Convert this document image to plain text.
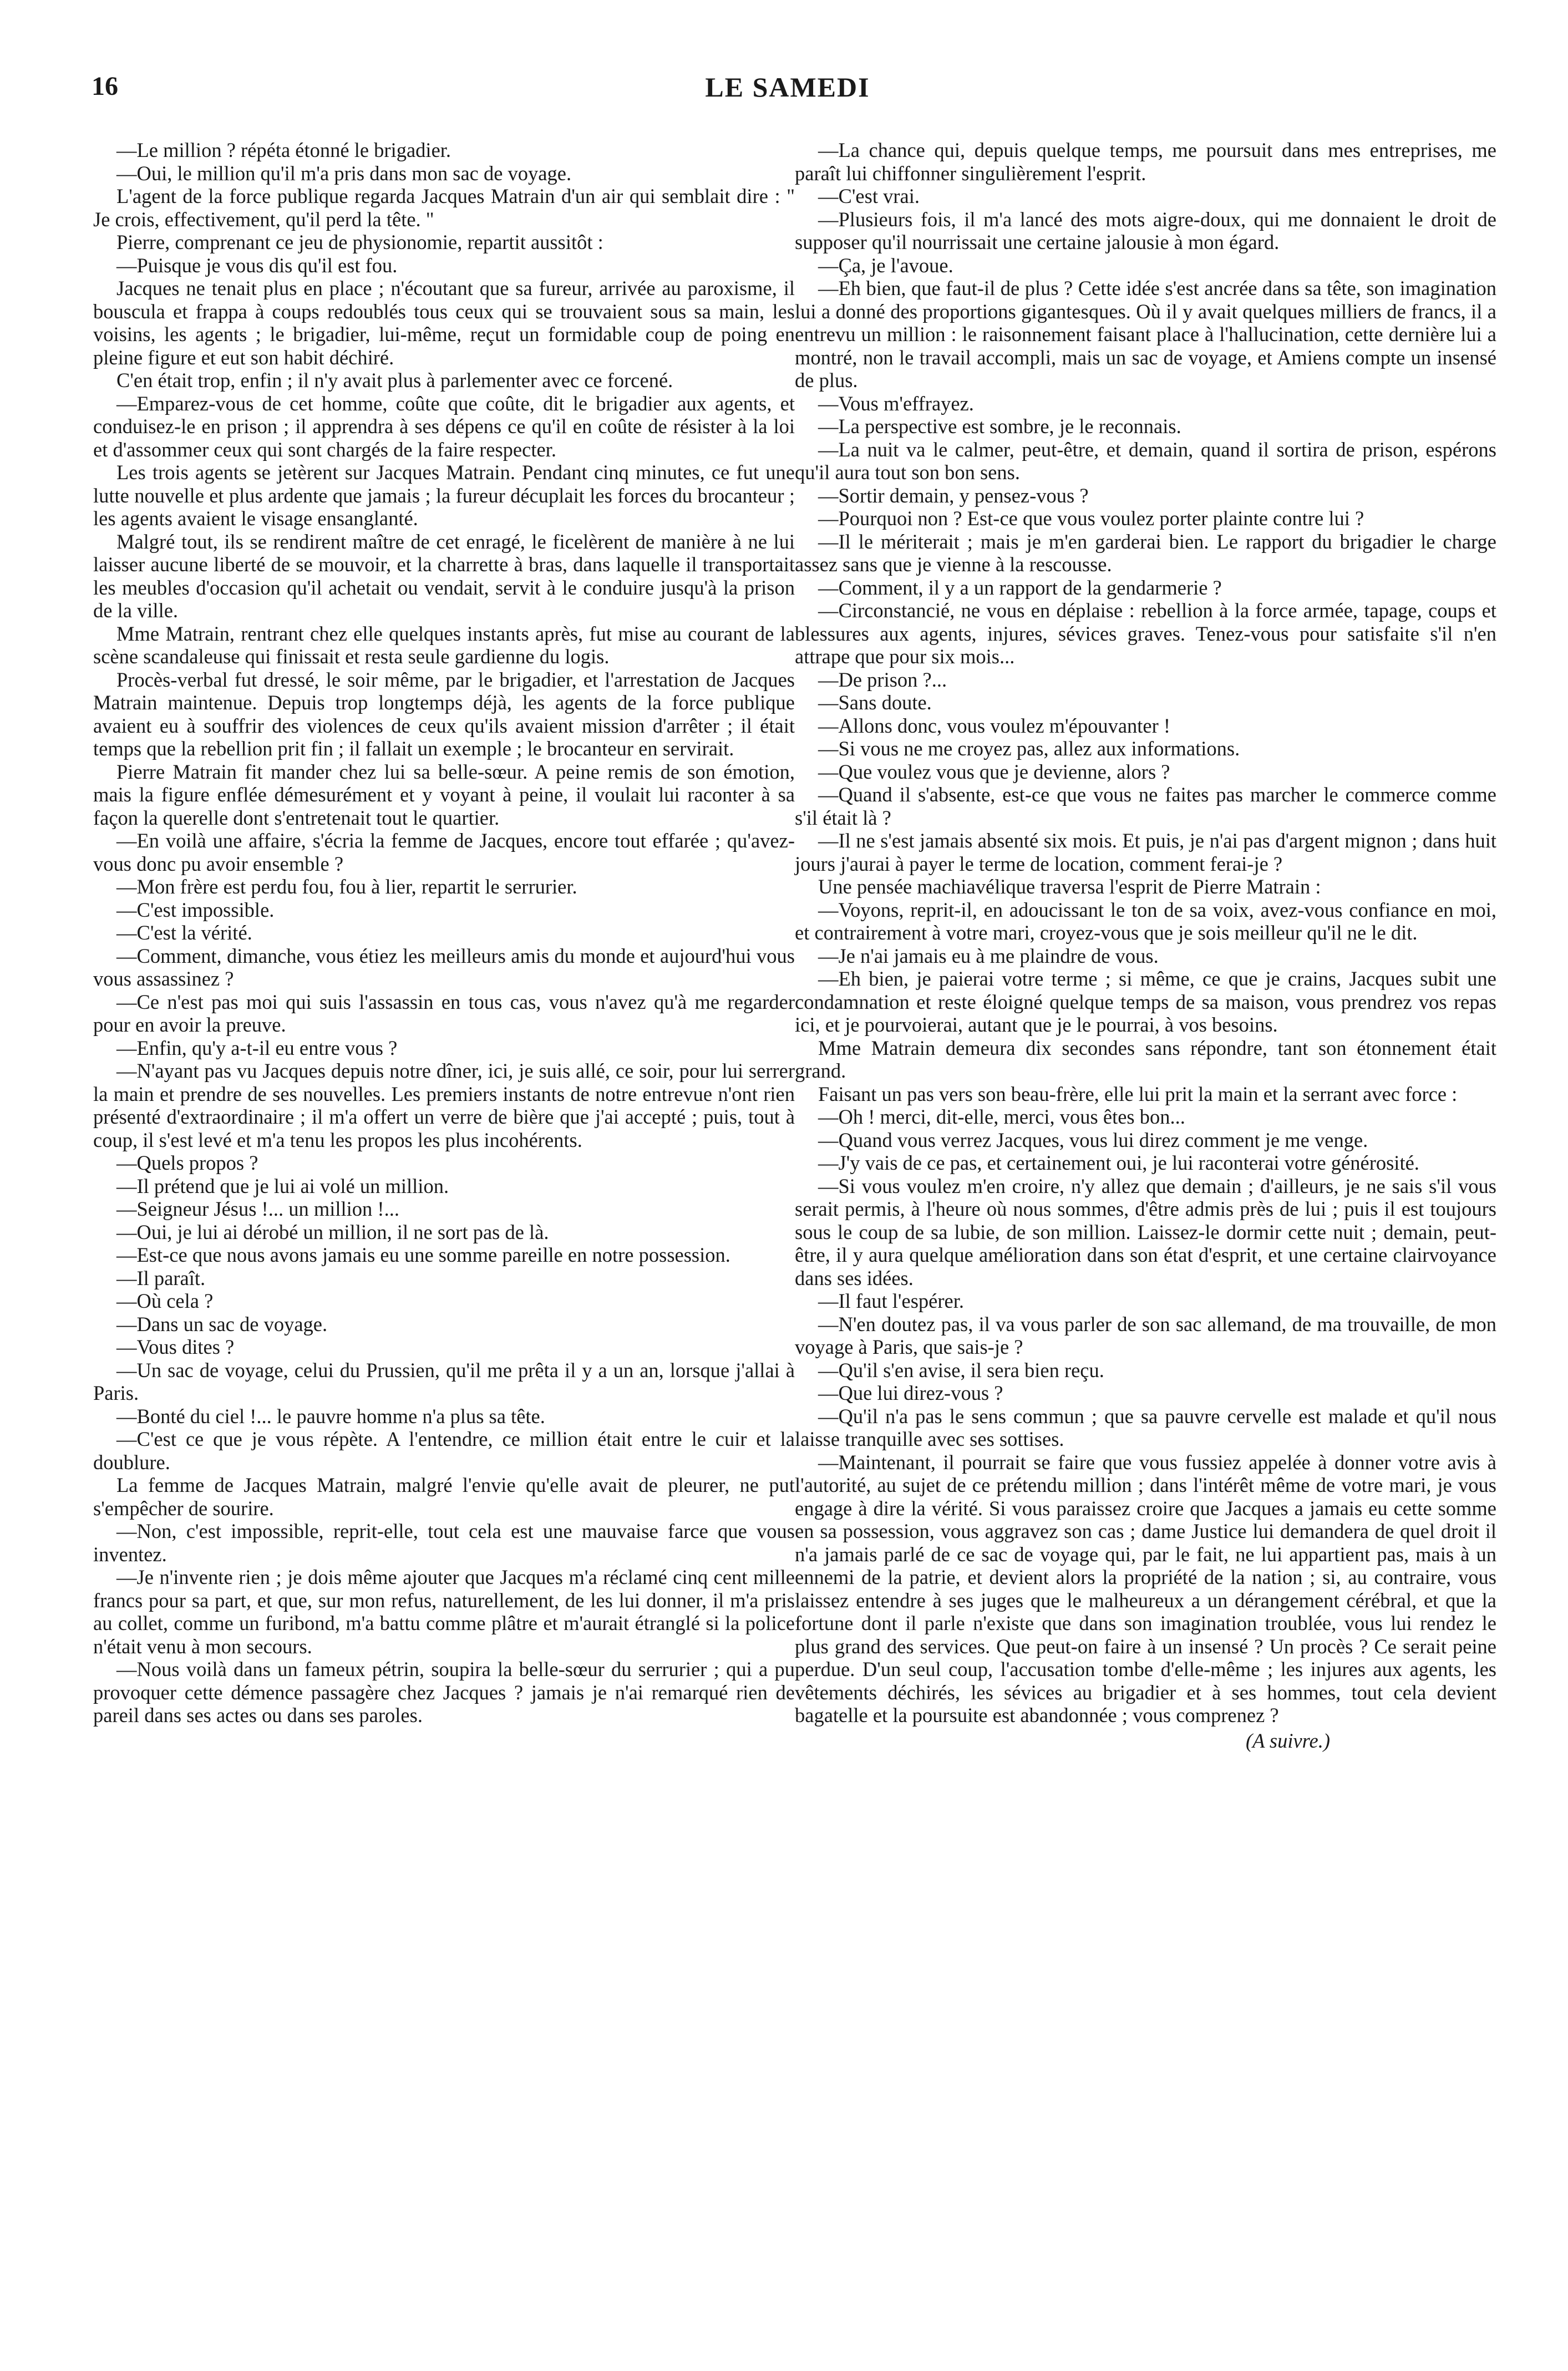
16	LE SAMEDI

—Le million ? répéta étonné le brigadier.

—Oui, le million qu'il m'a pris dans mon sac de voyage.

L'agent de la force publique regarda Jacques Matrain d'un air qui semblait dire : " Je crois, effectivement, qu'il perd la tête. "

Pierre, comprenant ce jeu de physionomie, repartit aussitôt :

—Puisque je vous dis qu'il est fou.

Jacques ne tenait plus en place ; n'écoutant que sa fureur, arrivée au paroxisme, il bouscula et frappa à coups redoublés tous ceux qui se trouvaient sous sa main, les voisins, les agents ; le brigadier, lui-même, reçut un formidable coup de poing en pleine figure et eut son habit déchiré.

C'en était trop, enfin ; il n'y avait plus à parlementer avec ce forcené.

—Emparez-vous de cet homme, coûte que coûte, dit le brigadier aux agents, et conduisez-le en prison ; il apprendra à ses dépens ce qu'il en coûte de résister à la loi et d'assommer ceux qui sont chargés de la faire respecter.

Les trois agents se jetèrent sur Jacques Matrain. Pendant cinq minutes, ce fut une lutte nouvelle et plus ardente que jamais ; la fureur décuplait les forces du brocanteur ; les agents avaient le visage ensanglanté.

Malgré tout, ils se rendirent maître de cet enragé, le ficelèrent de manière à ne lui laisser aucune liberté de se mouvoir, et la charrette à bras, dans laquelle il transportait les meubles d'occasion qu'il achetait ou vendait, servit à le conduire jusqu'à la prison de la ville.

Mme Matrain, rentrant chez elle quelques instants après, fut mise au courant de la scène scandaleuse qui finissait et resta seule gardienne du logis.

Procès-verbal fut dressé, le soir même, par le brigadier, et l'arrestation de Jacques Matrain maintenue. Depuis trop longtemps déjà, les agents de la force publique avaient eu à souffrir des violences de ceux qu'ils avaient mission d'arrêter ; il était temps que la rebellion prit fin ; il fallait un exemple ; le brocanteur en servirait.

Pierre Matrain fit mander chez lui sa belle-sœur. A peine remis de son émotion, mais la figure enflée démesurément et y voyant à peine, il voulait lui raconter à sa façon la querelle dont s'entretenait tout le quartier.

—En voilà une affaire, s'écria la femme de Jacques, encore tout effarée ; qu'avez-vous donc pu avoir ensemble ?

—Mon frère est perdu fou, fou à lier, repartit le serrurier.

—C'est impossible.

—C'est la vérité.

—Comment, dimanche, vous étiez les meilleurs amis du monde et aujourd'hui vous vous assassinez ?

—Ce n'est pas moi qui suis l'assassin en tous cas, vous n'avez qu'à me regarder pour en avoir la preuve.

—Enfin, qu'y a-t-il eu entre vous ?

—N'ayant pas vu Jacques depuis notre dîner, ici, je suis allé, ce soir, pour lui serrer la main et prendre de ses nouvelles. Les premiers instants de notre entrevue n'ont rien présenté d'extraordinaire ; il m'a offert un verre de bière que j'ai accepté ; puis, tout à coup, il s'est levé et m'a tenu les propos les plus incohérents.

—Quels propos ?

—Il prétend que je lui ai volé un million.

—Seigneur Jésus !... un million !...

—Oui, je lui ai dérobé un million, il ne sort pas de là.

—Est-ce que nous avons jamais eu une somme pareille en notre possession.

—Il paraît.

—Où cela ?

—Dans un sac de voyage.

—Vous dites ?

—Un sac de voyage, celui du Prussien, qu'il me prêta il y a un an, lorsque j'allai à Paris.

—Bonté du ciel !... le pauvre homme n'a plus sa tête.

—C'est ce que je vous répète. A l'entendre, ce million était entre le cuir et la doublure.

La femme de Jacques Matrain, malgré l'envie qu'elle avait de pleurer, ne put s'empêcher de sourire.

—Non, c'est impossible, reprit-elle, tout cela est une mauvaise farce que vous inventez.

—Je n'invente rien ; je dois même ajouter que Jacques m'a réclamé cinq cent mille francs pour sa part, et que, sur mon refus, naturellement, de les lui donner, il m'a pris au collet, comme un furibond, m'a battu comme plâtre et m'aurait étranglé si la police n'était venu à mon secours.

—Nous voilà dans un fameux pétrin, soupira la belle-sœur du serrurier ; qui a pu provoquer cette démence passagère chez Jacques ? jamais je n'ai remarqué rien de pareil dans ses actes ou dans ses paroles.

—La chance qui, depuis quelque temps, me poursuit dans mes entreprises, me paraît lui chiffonner singulièrement l'esprit.

—C'est vrai.

—Plusieurs fois, il m'a lancé des mots aigre-doux, qui me donnaient le droit de supposer qu'il nourrissait une certaine jalousie à mon égard.

—Ça, je l'avoue.

—Eh bien, que faut-il de plus ? Cette idée s'est ancrée dans sa tête, son imagination lui a donné des proportions gigantesques. Où il y avait quelques milliers de francs, il a entrevu un million : le raisonnement faisant place à l'hallucination, cette dernière lui a montré, non le travail accompli, mais un sac de voyage, et Amiens compte un insensé de plus.

—Vous m'effrayez.

—La perspective est sombre, je le reconnais.

—La nuit va le calmer, peut-être, et demain, quand il sortira de prison, espérons qu'il aura tout son bon sens.

—Sortir demain, y pensez-vous ?

—Pourquoi non ? Est-ce que vous voulez porter plainte contre lui ?

—Il le mériterait ; mais je m'en garderai bien. Le rapport du brigadier le charge assez sans que je vienne à la rescousse.

—Comment, il y a un rapport de la gendarmerie ?

—Circonstancié, ne vous en déplaise : rebellion à la force armée, tapage, coups et blessures aux agents, injures, sévices graves. Tenez-vous pour satisfaite s'il n'en attrape que pour six mois...

—De prison ?...

—Sans doute.

—Allons donc, vous voulez m'épouvanter !

—Si vous ne me croyez pas, allez aux informations.

—Que voulez vous que je devienne, alors ?

—Quand il s'absente, est-ce que vous ne faites pas marcher le commerce comme s'il était là ?

—Il ne s'est jamais absenté six mois. Et puis, je n'ai pas d'argent mignon ; dans huit jours j'aurai à payer le terme de location, comment ferai-je ?

Une pensée machiavélique traversa l'esprit de Pierre Matrain :

—Voyons, reprit-il, en adoucissant le ton de sa voix, avez-vous confiance en moi, et contrairement à votre mari, croyez-vous que je sois meilleur qu'il ne le dit.

—Je n'ai jamais eu à me plaindre de vous.

—Eh bien, je paierai votre terme ; si même, ce que je crains, Jacques subit une condamnation et reste éloigné quelque temps de sa maison, vous prendrez vos repas ici, et je pourvoierai, autant que je le pourrai, à vos besoins.

Mme Matrain demeura dix secondes sans répondre, tant son étonnement était grand.

Faisant un pas vers son beau-frère, elle lui prit la main et la serrant avec force :

—Oh ! merci, dit-elle, merci, vous êtes bon...

—Quand vous verrez Jacques, vous lui direz comment je me venge.

—J'y vais de ce pas, et certainement oui, je lui raconterai votre générosité.

—Si vous voulez m'en croire, n'y allez que demain ; d'ailleurs, je ne sais s'il vous serait permis, à l'heure où nous sommes, d'être admis près de lui ; puis il est toujours sous le coup de sa lubie, de son million. Laissez-le dormir cette nuit ; demain, peut-être, il y aura quelque amélioration dans son état d'esprit, et une certaine clairvoyance dans ses idées.

—Il faut l'espérer.

—N'en doutez pas, il va vous parler de son sac allemand, de ma trouvaille, de mon voyage à Paris, que sais-je ?

—Qu'il s'en avise, il sera bien reçu.

—Que lui direz-vous ?

—Qu'il n'a pas le sens commun ; que sa pauvre cervelle est malade et qu'il nous laisse tranquille avec ses sottises.

—Maintenant, il pourrait se faire que vous fussiez appelée à donner votre avis à l'autorité, au sujet de ce prétendu million ; dans l'intérêt même de votre mari, je vous engage à dire la vérité. Si vous paraissez croire que Jacques a jamais eu cette somme en sa possession, vous aggravez son cas ; dame Justice lui demandera de quel droit il n'a jamais parlé de ce sac de voyage qui, par le fait, ne lui appartient pas, mais à un ennemi de la patrie, et devient alors la propriété de la nation ; si, au contraire, vous laissez entendre à ses juges que le malheureux a un dérangement cérébral, et que la fortune dont il parle n'existe que dans son imagination troublée, vous lui rendez le plus grand des services. Que peut-on faire à un insensé ? Un procès ? Ce serait peine perdue. D'un seul coup, l'accusation tombe d'elle-même ; les injures aux agents, les vêtements déchirés, les sévices au brigadier et à ses hommes, tout cela devient bagatelle et la poursuite est abandonnée ; vous comprenez ?

(A suivre.)
